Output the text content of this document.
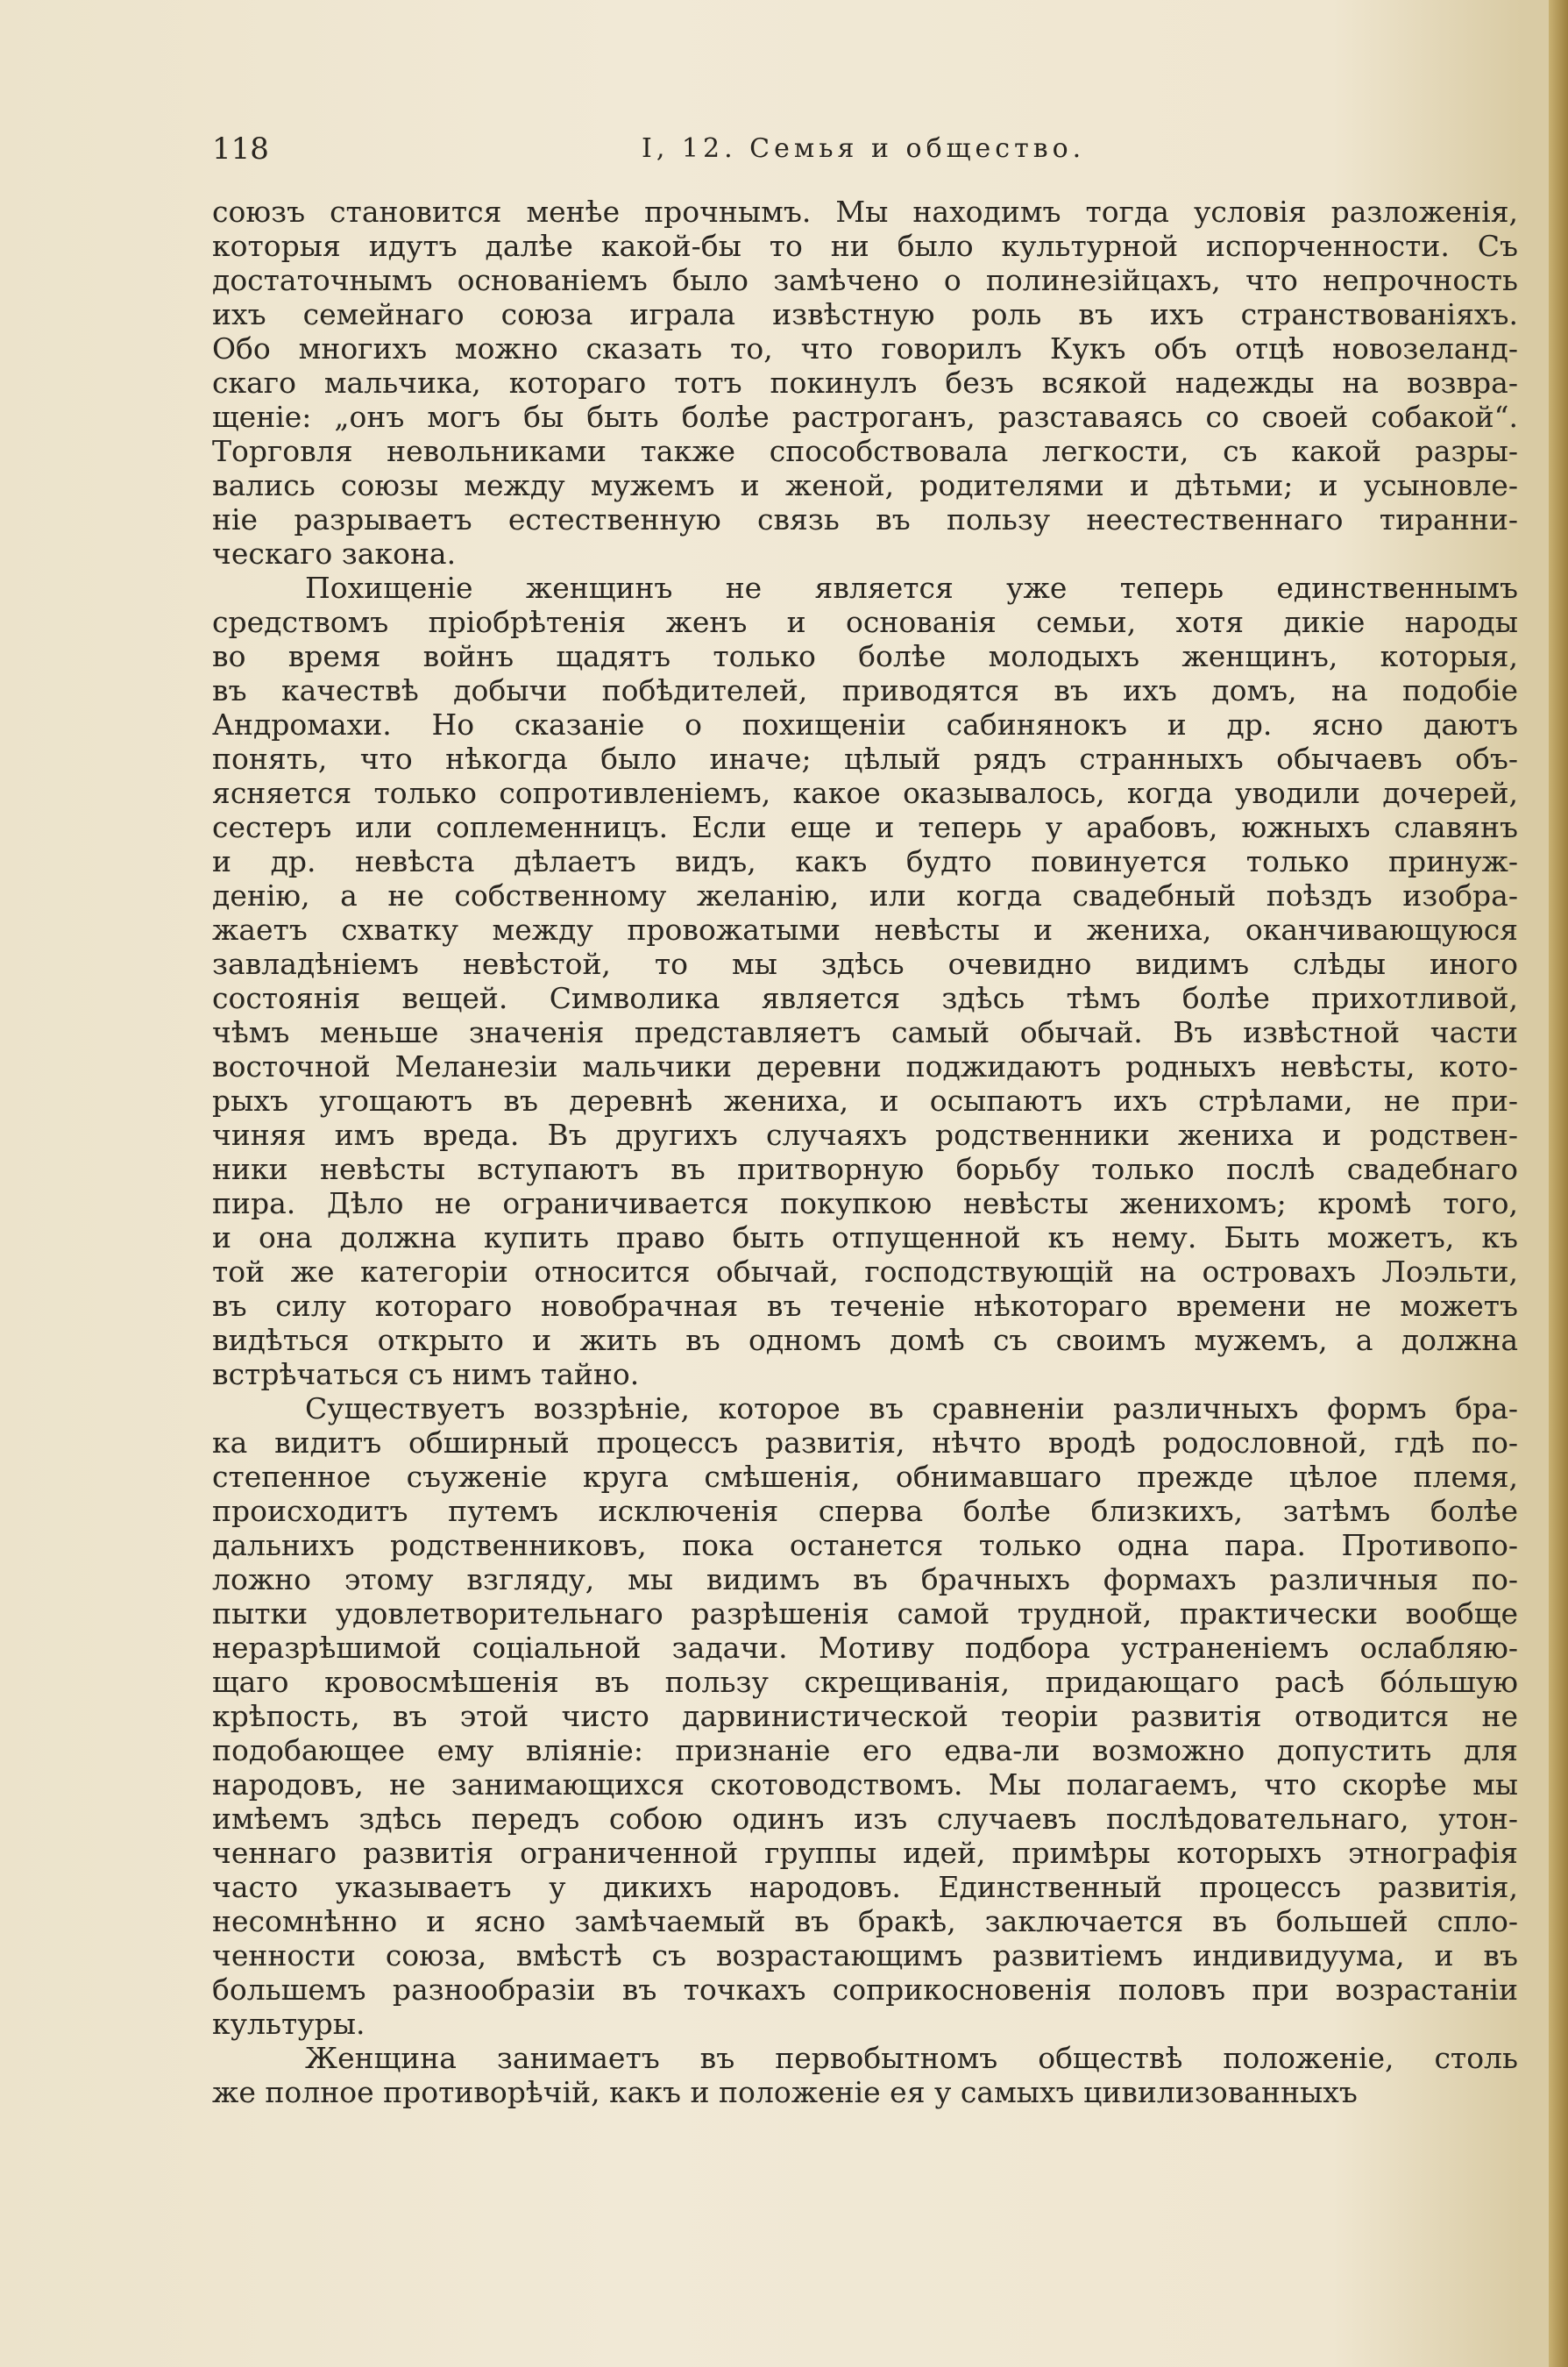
118	I, 12. Семья и общество.
союзъ становится менѣе прочнымъ. Мы находимъ тогда условія разложенія,
которыя идутъ далѣе какой-бы то ни было культурной испорченности. Съ
достаточнымъ основаніемъ было замѣчено о полинезійцахъ, что непрочность
ихъ семейнаго союза играла извѣстную роль въ ихъ странствованіяхъ.
Обо многихъ можно сказать то, что говорилъ Кукъ объ отцѣ новозеланд-
скаго мальчика, котораго тотъ покинулъ безъ всякой надежды на возвра-
щеніе: „онъ могъ бы быть болѣе растроганъ, разставаясь со своей собакой“.
Торговля невольниками также способствовала легкости, съ какой разры-
вались союзы между мужемъ и женой, родителями и дѣтьми; и усыновле-
ніе разрываетъ естественную связь въ пользу неестественнаго тиранни-
ческаго закона.
Похищеніе женщинъ не является уже теперь единственнымъ
средствомъ пріобрѣтенія женъ и основанія семьи, хотя дикіе народы
во время войнъ щадятъ только болѣе молодыхъ женщинъ, которыя,
въ качествѣ добычи побѣдителей, приводятся въ ихъ домъ, на подобіе
Андромахи. Но сказаніе о похищеніи сабинянокъ и др. ясно даютъ
понять, что нѣкогда было иначе; цѣлый рядъ странныхъ обычаевъ объ-
ясняется только сопротивленіемъ, какое оказывалось, когда уводили дочерей,
сестеръ или соплеменницъ. Если еще и теперь у арабовъ, южныхъ славянъ
и др. невѣста дѣлаетъ видъ, какъ будто повинуется только принуж-
денію, а не собственному желанію, или когда свадебный поѣздъ изобра-
жаетъ схватку между провожатыми невѣсты и жениха, оканчивающуюся
завладѣніемъ невѣстой, то мы здѣсь очевидно видимъ слѣды иного
состоянія вещей. Символика является здѣсь тѣмъ болѣе прихотливой,
чѣмъ меньше значенія представляетъ самый обычай. Въ извѣстной части
восточной Меланезіи мальчики деревни поджидаютъ родныхъ невѣсты, кото-
рыхъ угощаютъ въ деревнѣ жениха, и осыпаютъ ихъ стрѣлами, не при-
чиняя имъ вреда. Въ другихъ случаяхъ родственники жениха и родствен-
ники невѣсты вступаютъ въ притворную борьбу только послѣ свадебнаго
пира. Дѣло не ограничивается покупкою невѣсты женихомъ; кромѣ того,
и она должна купить право быть отпущенной къ нему. Быть можетъ, къ
той же категоріи относится обычай, господствующій на островахъ Лоэльти,
въ силу котораго новобрачная въ теченіе нѣкотораго времени не можетъ
видѣться открыто и жить въ одномъ домѣ съ своимъ мужемъ, а должна
встрѣчаться съ нимъ тайно.
Существуетъ воззрѣніе, которое въ сравненіи различныхъ формъ бра-
ка видитъ обширный процессъ развитія, нѣчто вродѣ родословной, гдѣ по-
степенное съуженіе круга смѣшенія, обнимавшаго прежде цѣлое племя,
происходитъ путемъ исключенія сперва болѣе близкихъ, затѣмъ болѣе
дальнихъ родственниковъ, пока останется только одна пара. Противопо-
ложно этому взгляду, мы видимъ въ брачныхъ формахъ различныя по-
пытки удовлетворительнаго разрѣшенія самой трудной, практически вообще
неразрѣшимой соціальной задачи. Мотиву подбора устраненіемъ ослабляю-
щаго кровосмѣшенія въ пользу скрещиванія, придающаго расѣ бо́льшую
крѣпость, въ этой чисто дарвинистической теоріи развитія отводится не
подобающее ему вліяніе: признаніе его едва-ли возможно допустить для
народовъ, не занимающихся скотоводствомъ. Мы полагаемъ, что скорѣе мы
имѣемъ здѣсь передъ собою одинъ изъ случаевъ послѣдовательнаго, утон-
ченнаго развитія ограниченной группы идей, примѣры которыхъ этнографія
часто указываетъ у дикихъ народовъ. Единственный процессъ развитія,
несомнѣнно и ясно замѣчаемый въ бракѣ, заключается въ большей спло-
ченности союза, вмѣстѣ съ возрастающимъ развитіемъ индивидуума, и въ
большемъ разнообразіи въ точкахъ соприкосновенія половъ при возрастаніи
культуры.
Женщина занимаетъ въ первобытномъ обществѣ положеніе, столь
же полное противорѣчій, какъ и положеніе ея у самыхъ цивилизованныхъ
